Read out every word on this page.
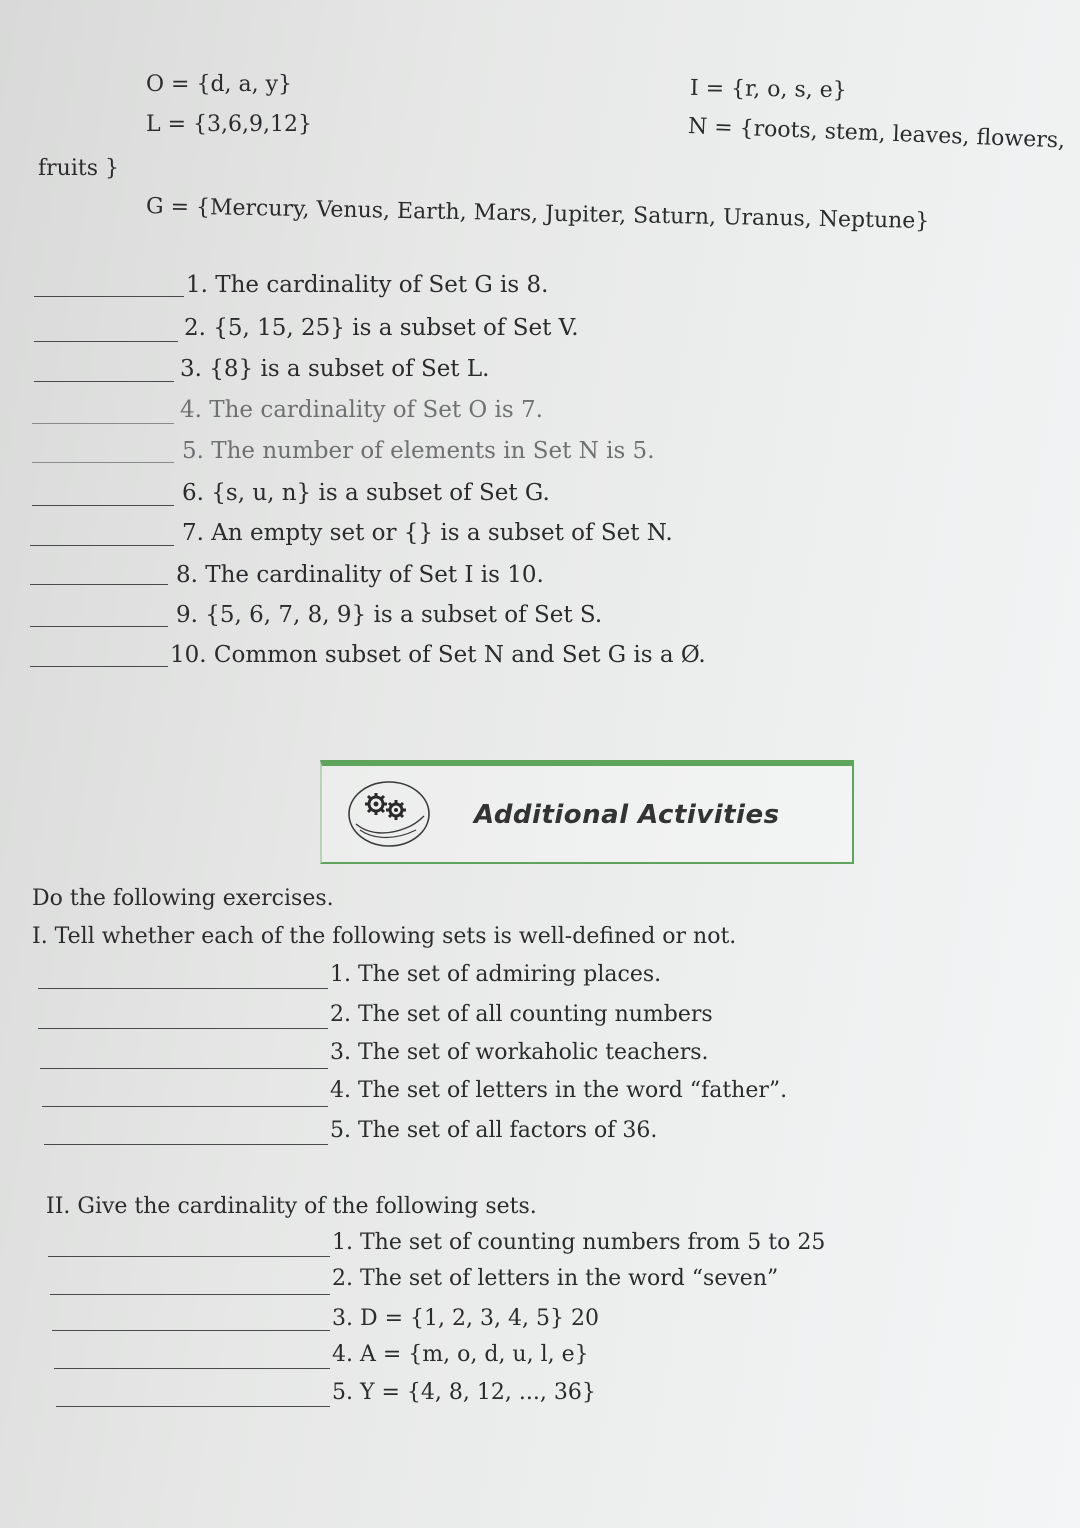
O = {d, a, y}
L = {3,6,9,12}
I = {r, o, s, e}
N = {roots, stem, leaves, flowers,
fruits }
G = {Mercury, Venus, Earth, Mars, Jupiter, Saturn, Uranus, Neptune}
1. The cardinality of Set G is 8.
2. {5, 15, 25} is a subset of Set V.
3. {8} is a subset of Set L.
4. The cardinality of Set O is 7.
5. The number of elements in Set N is 5.
6. {s, u, n} is a subset of Set G.
7. An empty set or {} is a subset of Set N.
8. The cardinality of Set I is 10.
9. {5, 6, 7, 8, 9} is a subset of Set S.
10. Common subset of Set N and Set G is a Ø.
Additional Activities
Do the following exercises.
I. Tell whether each of the following sets is well-defined or not.
1. The set of admiring places.
2. The set of all counting numbers
3. The set of workaholic teachers.
4. The set of letters in the word “father”.
5. The set of all factors of 36.
II. Give the cardinality of the following sets.
1. The set of counting numbers from 5 to 25
2. The set of letters in the word “seven”
3. D = {1, 2, 3, 4, 5} 20
4. A = {m, o, d, u, l, e}
5. Y = {4, 8, 12, ..., 36}
